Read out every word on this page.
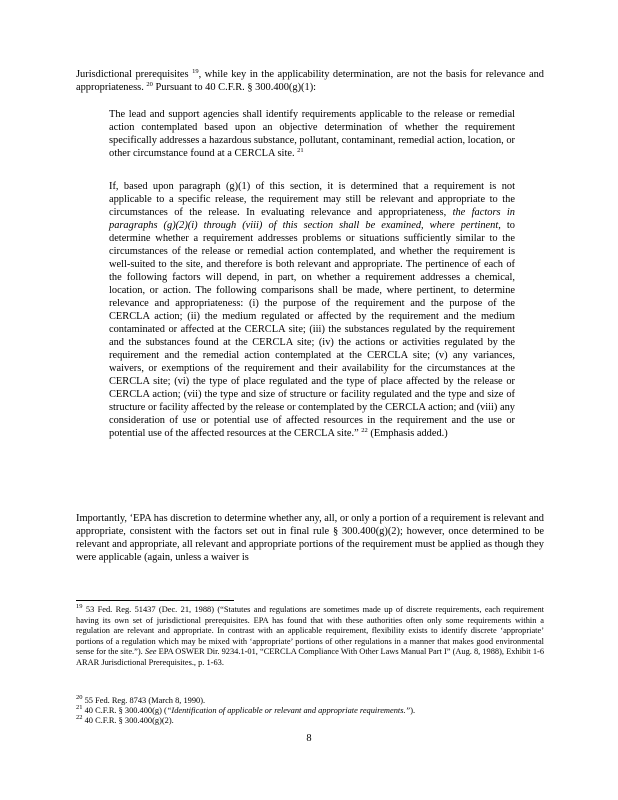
Jurisdictional prerequisites $^{19}$, while key in the applicability determination, are not the basis for relevance and appropriateness. $^{20}$ Pursuant to 40 C.F.R. § 300.400(g)(1):

The lead and support agencies shall identify requirements applicable to the release or remedial action contemplated based upon an objective determination of whether the requirement specifically addresses a hazardous substance, pollutant, contaminant, remedial action, location, or other circumstance found at a CERCLA site. $^{21}$

If, based upon paragraph (g)(1) of this section, it is determined that a requirement is not applicable to a specific release, the requirement may still be relevant and appropriate to the circumstances of the release. In evaluating relevance and appropriateness, the factors in paragraphs (g)(2)(i) through (viii) of this section shall be examined, where pertinent, to determine whether a requirement addresses problems or situations sufficiently similar to the circumstances of the release or remedial action contemplated, and whether the requirement is well-suited to the site, and therefore is both relevant and appropriate. The pertinence of each of the following factors will depend, in part, on whether a requirement addresses a chemical, location, or action. The following comparisons shall be made, where pertinent, to determine relevance and appropriateness: (i) the purpose of the requirement and the purpose of the CERCLA action; (ii) the medium regulated or affected by the requirement and the medium contaminated or affected at the CERCLA site; (iii) the substances regulated by the requirement and the substances found at the CERCLA site; (iv) the actions or activities regulated by the requirement and the remedial action contemplated at the CERCLA site; (v) any variances, waivers, or exemptions of the requirement and their availability for the circumstances at the CERCLA site; (vi) the type of place regulated and the type of place affected by the release or CERCLA action; (vii) the type and size of structure or facility regulated and the type and size of structure or facility affected by the release or contemplated by the CERCLA action; and (viii) any consideration of use or potential use of affected resources in the requirement and the use or potential use of the affected resources at the CERCLA site.” $^{22}$ (Emphasis added.)

Importantly, ‘EPA has discretion to determine whether any, all, or only a portion of a requirement is relevant and appropriate, consistent with the factors set out in final rule § 300.400(g)(2); however, once determined to be relevant and appropriate, all relevant and appropriate portions of the requirement must be applied as though they were applicable (again, unless a waiver is

$^{19}$ 53 Fed. Reg. 51437 (Dec. 21, 1988) (“Statutes and regulations are sometimes made up of discrete requirements, each requirement having its own set of jurisdictional prerequisites. EPA has found that with these authorities often only some requirements within a regulation are relevant and appropriate. In contrast with an applicable requirement, flexibility exists to identify discrete ‘appropriate’ portions of a regulation which may be mixed with ‘appropriate’ portions of other regulations in a manner that makes good environmental sense for the site.”). See EPA OSWER Dir. 9234.1-01, “CERCLA Compliance With Other Laws Manual Part I” (Aug. 8, 1988), Exhibit 1-6 ARAR Jurisdictional Prerequisites., p. 1-63.

$^{20}$ 55 Fed. Reg. 8743 (March 8, 1990).

$^{21}$ 40 C.F.R. § 300.400(g) (“Identification of applicable or relevant and appropriate requirements.”).

$^{22}$ 40 C.F.R. § 300.400(g)(2).

8
